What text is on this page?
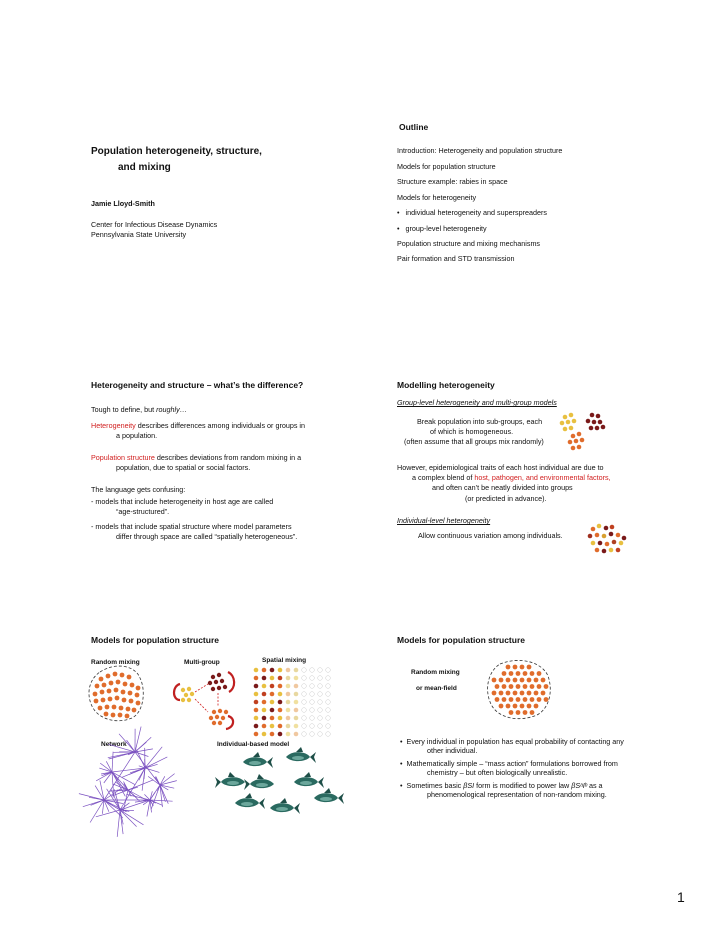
Population heterogeneity, structure,
and mixing
Jamie Lloyd-Smith
Center for Infectious Disease Dynamics
Pennsylvania State University
Outline
Introduction: Heterogeneity and population structure
Models for population structure
Structure example: rabies in space
Models for heterogeneity
• individual heterogeneity and superspreaders
• group-level heterogeneity
Population structure and mixing mechanisms
Pair formation and STD transmission
Heterogeneity and structure – what’s the difference?
Tough to define, but roughly…
Heterogeneity describes differences among individuals or groups in
a population.
Population structure describes deviations from random mixing in a
population, due to spatial or social factors.
The language gets confusing:
- models that include heterogeneity in host age are called
“age-structured”.
- models that include spatial structure where model parameters
differ through space are called “spatially heterogeneous”.
Modelling heterogeneity
Group-level heterogeneity and multi-group models
Break population into sub-groups, each
of which is homogeneous.
(often assume that all groups mix randomly)
However, epidemiological traits of each host individual are due to
a complex blend of host, pathogen, and environmental factors,
and often can’t be neatly divided into groups
(or predicted in advance).
Individual-level heterogeneity
Allow continuous variation among individuals.
Models for population structure
Random mixing	Multi-group	Spatial mixing
Network	Individual-based model
Models for population structure
Random mixing
or mean-field
• Every individual in population has equal probability of contacting any
other individual.
• Mathematically simple – “mass action” formulations borrowed from
chemistry – but often biologically unrealistic.
• Sometimes basic βSI form is modified to power law βSᵃIᵇ as a
phenomenological representation of non-random mixing.
1
